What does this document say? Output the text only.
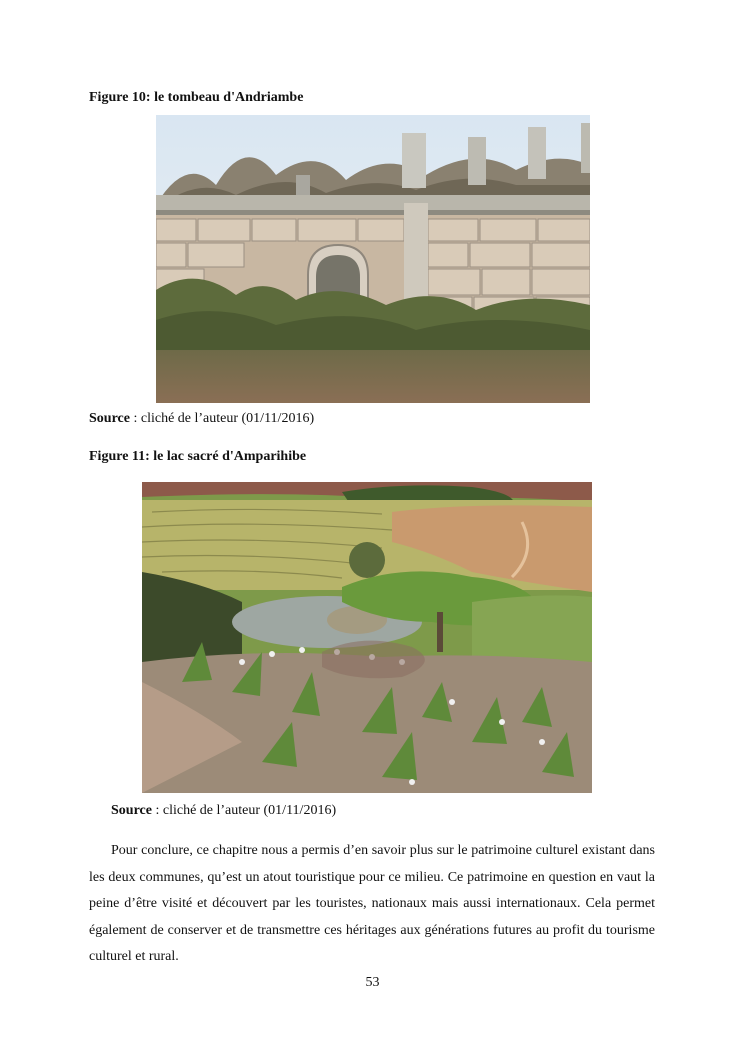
Figure 10: le tombeau d'Andriambe
Source : cliché de l’auteur (01/11/2016)
Figure 11: le lac sacré d'Amparihibe
Source : cliché de l’auteur (01/11/2016)

Pour conclure, ce chapitre nous a permis d’en savoir plus sur le patrimoine culturel existant dans les deux communes, qu’est un atout touristique pour ce milieu. Ce patrimoine en question en vaut la peine d’être visité et découvert par les touristes, nationaux mais aussi internationaux. Cela permet également de conserver et de transmettre ces héritages aux générations futures au profit du tourisme culturel et rural.

53
